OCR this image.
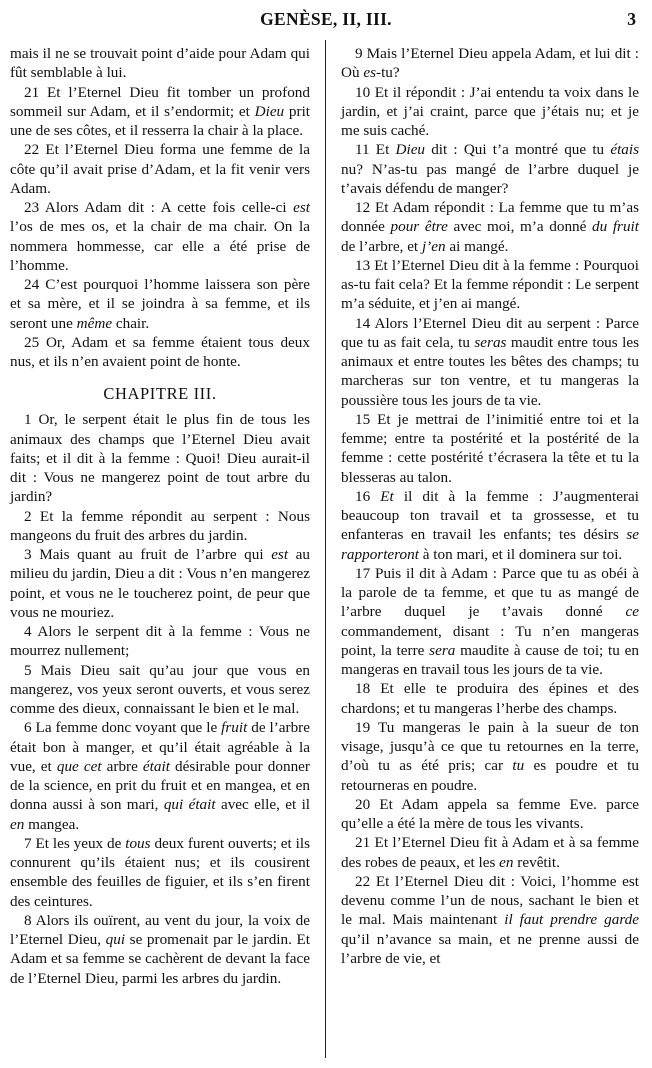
GENÈSE, II, III.	3

mais il ne se trouvait point d’aide pour Adam qui fût semblable à lui.

21 Et l’Eternel Dieu fit tomber un profond sommeil sur Adam, et il s’endormit; et Dieu prit une de ses côtes, et il resserra la chair à la place.

22 Et l’Eternel Dieu forma une femme de la côte qu’il avait prise d’Adam, et la fit venir vers Adam.

23 Alors Adam dit : A cette fois celle-ci est l’os de mes os, et la chair de ma chair. On la nommera hommesse, car elle a été prise de l’homme.

24 C’est pourquoi l’homme laissera son père et sa mère, et il se joindra à sa femme, et ils seront une même chair.

25 Or, Adam et sa femme étaient tous deux nus, et ils n’en avaient point de honte.

CHAPITRE III.

1 Or, le serpent était le plus fin de tous les animaux des champs que l’Eternel Dieu avait faits; et il dit à la femme : Quoi! Dieu aurait-il dit : Vous ne mangerez point de tout arbre du jardin?

2 Et la femme répondit au serpent : Nous mangeons du fruit des arbres du jardin.

3 Mais quant au fruit de l’arbre qui est au milieu du jardin, Dieu a dit : Vous n’en mangerez point, et vous ne le toucherez point, de peur que vous ne mouriez.

4 Alors le serpent dit à la femme : Vous ne mourrez nullement;

5 Mais Dieu sait qu’au jour que vous en mangerez, vos yeux seront ouverts, et vous serez comme des dieux, connaissant le bien et le mal.

6 La femme donc voyant que le fruit de l’arbre était bon à manger, et qu’il était agréable à la vue, et que cet arbre était désirable pour donner de la science, en prit du fruit et en mangea, et en donna aussi à son mari, qui était avec elle, et il en mangea.

7 Et les yeux de tous deux furent ouverts; et ils connurent qu’ils étaient nus; et ils cousirent ensemble des feuilles de figuier, et ils s’en firent des ceintures.

8 Alors ils ouïrent, au vent du jour, la voix de l’Eternel Dieu, qui se promenait par le jardin. Et Adam et sa femme se cachèrent de devant la face de l’Eternel Dieu, parmi les arbres du jardin.

9 Mais l’Eternel Dieu appela Adam, et lui dit : Où es-tu?

10 Et il répondit : J’ai entendu ta voix dans le jardin, et j’ai craint, parce que j’étais nu; et je me suis caché.

11 Et Dieu dit : Qui t’a montré que tu étais nu? N’as-tu pas mangé de l’arbre duquel je t’avais défendu de manger?

12 Et Adam répondit : La femme que tu m’as donnée pour être avec moi, m’a donné du fruit de l’arbre, et j’en ai mangé.

13 Et l’Eternel Dieu dit à la femme : Pourquoi as-tu fait cela? Et la femme répondit : Le serpent m’a séduite, et j’en ai mangé.

14 Alors l’Eternel Dieu dit au serpent : Parce que tu as fait cela, tu seras maudit entre tous les animaux et entre toutes les bêtes des champs; tu marcheras sur ton ventre, et tu mangeras la poussière tous les jours de ta vie.

15 Et je mettrai de l’inimitié entre toi et la femme; entre ta postérité et la postérité de la femme : cette postérité t’écrasera la tête et tu la blesseras au talon.

16 Et il dit à la femme : J’augmenterai beaucoup ton travail et ta grossesse, et tu enfanteras en travail les enfants; tes désirs se rapporteront à ton mari, et il dominera sur toi.

17 Puis il dit à Adam : Parce que tu as obéi à la parole de ta femme, et que tu as mangé de l’arbre duquel je t’avais donné ce commandement, disant : Tu n’en mangeras point, la terre sera maudite à cause de toi; tu en mangeras en travail tous les jours de ta vie.

18 Et elle te produira des épines et des chardons; et tu mangeras l’herbe des champs.

19 Tu mangeras le pain à la sueur de ton visage, jusqu’à ce que tu retournes en la terre, d’où tu as été pris; car tu es poudre et tu retourneras en poudre.

20 Et Adam appela sa femme Eve. parce qu’elle a été la mère de tous les vivants.

21 Et l’Eternel Dieu fit à Adam et à sa femme des robes de peaux, et les en revêtit.

22 Et l’Eternel Dieu dit : Voici, l’homme est devenu comme l’un de nous, sachant le bien et le mal. Mais maintenant il faut prendre garde qu’il n’avance sa main, et ne prenne aussi de l’arbre de vie, et
